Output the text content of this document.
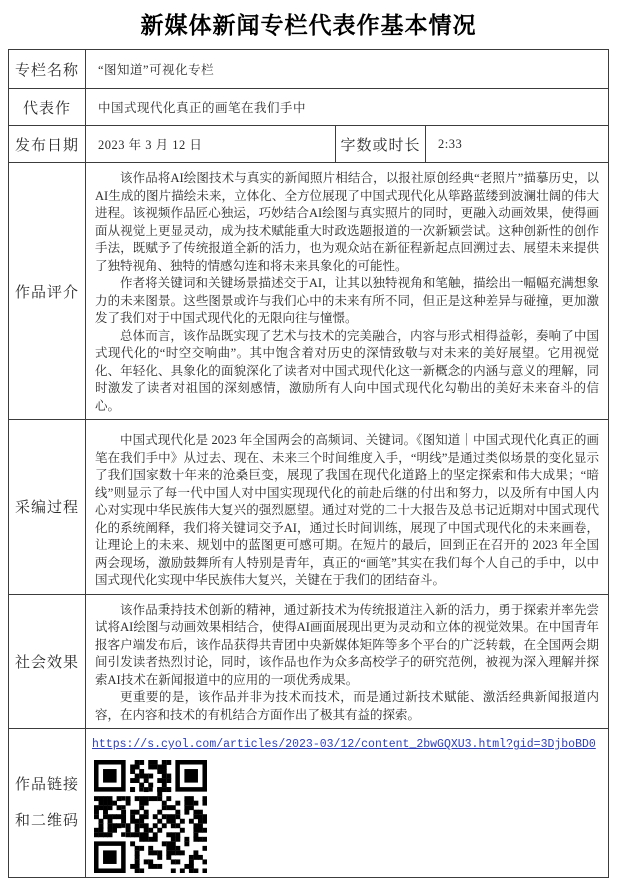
新媒体新闻专栏代表作基本情况
专栏名称	“图知道”可视化专栏		
代表作	中国式现代化真正的画笔在我们手中		
发布日期	2023 年 3 月 12 日	字数或时长	2:33
作品评介	该作品将AI绘图技术与真实的新闻照片相结合，以报社原创经典“老照片”描摹历史，以AI生成的图片描绘未来，立体化、全方位展现了中国式现代化从筚路蓝缕到波澜壮阔的伟大进程。该视频作品匠心独运，巧妙结合AI绘图与真实照片的同时，更融入动画效果，使得画面从视觉上更显灵动，成为技术赋能重大时政选题报道的一次新颖尝试。这种创新性的创作手法，既赋予了传统报道全新的活力，也为观众站在新征程新起点回溯过去、展望未来提供了独特视角、独特的情感勾连和将未来具象化的可能性。

作者将关键词和关键场景描述交于AI，让其以独特视角和笔触，描绘出一幅幅充满想象力的未来图景。这些图景或许与我们心中的未来有所不同，但正是这种差异与碰撞，更加激发了我们对于中国式现代化的无限向往与憧憬。

总体而言，该作品既实现了艺术与技术的完美融合，内容与形式相得益彰，奏响了中国式现代化的“时空交响曲”。其中饱含着对历史的深情致敬与对未来的美好展望。它用视觉化、年轻化、具象化的面貌深化了读者对中国式现代化这一新概念的内涵与意义的理解，同时激发了读者对祖国的深刻感情，激励所有人向中国式现代化勾勒出的美好未来奋斗的信心。		

采编过程	中国式现代化是 2023 年全国两会的高频词、关键词。《图知道｜中国式现代化真正的画笔在我们手中》从过去、现在、未来三个时间维度入手，“明线”是通过类似场景的变化显示了我们国家数十年来的沧桑巨变，展现了我国在现代化道路上的坚定探索和伟大成果；“暗线”则显示了每一代中国人对中国实现现代化的前赴后继的付出和努力，以及所有中国人内心对实现中华民族伟大复兴的强烈愿望。通过对党的二十大报告及总书记近期对中国式现代化的系统阐释，我们将关键词交予AI，通过长时间训练，展现了中国式现代化的未来画卷，让理论上的未来、规划中的蓝图更可感可期。在短片的最后，回到正在召开的 2023 年全国两会现场，激励鼓舞所有人特别是青年，真正的“画笔”其实在我们每个人自己的手中，以中国式现代化实现中华民族伟大复兴，关键在于我们的团结奋斗。		

社会效果	该作品秉持技术创新的精神，通过新技术为传统报道注入新的活力，勇于探索并率先尝试将AI绘图与动画效果相结合，使得AI画面展现出更为灵动和立体的视觉效果。在中国青年报客户端发布后，该作品获得共青团中央新媒体矩阵等多个平台的广泛转载，在全国两会期间引发读者热烈讨论，同时，该作品也作为众多高校学子的研究范例，被视为深入理解并探索AI技术在新闻报道中的应用的一项优秀成果。

更重要的是，该作品并非为技术而技术，而是通过新技术赋能、激活经典新闻报道内容，在内容和技术的有机结合方面作出了极其有益的探索。		

作品链接
和二维码	https://s.cyol.com/articles/2023-03/12/content_2bwGQXU3.html?gid=3DjboBD0		
